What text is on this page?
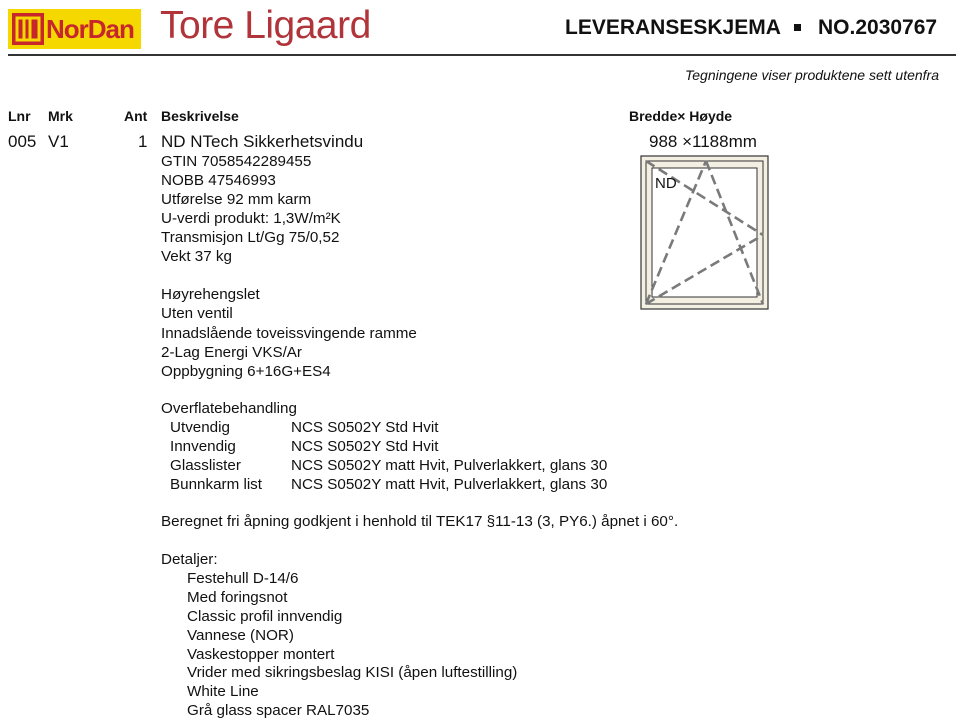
NorDan Tore Ligaard	LEVERANSESKJEMA NO.2030767
Tegningene viser produktene sett utenfra
Lnr Mrk	Ant Beskrivelse	Bredde× Høyde
005 V1	1 ND NTech Sikkerhetsvindu	988 ×1188mm
GTIN 7058542289455
NOBB 47546993
Utførelse 92 mm karm
U-verdi produkt: 1,3W/m²K
Transmisjon Lt/Gg 75/0,52
Vekt 37 kg
Høyrehengslet
Uten ventil
Innadslående toveissvingende ramme
2-Lag Energi VKS/Ar
Oppbygning 6+16G+ES4
Overflatebehandling
Utvendig	NCS S0502Y Std Hvit
Innvendig	NCS S0502Y Std Hvit
Glasslister	NCS S0502Y matt Hvit, Pulverlakkert, glans 30
Bunnkarm list NCS S0502Y matt Hvit, Pulverlakkert, glans 30
Beregnet fri åpning godkjent i henhold til TEK17 §11-13 (3, PY6.) åpnet i 60°.
Detaljer:
Festehull D-14/6
Med foringsnot
Classic profil innvendig
Vannese (NOR)
Vaskestopper montert
Vrider med sikringsbeslag KISI (åpen luftestilling)
White Line
Grå glass spacer RAL7035
ND
